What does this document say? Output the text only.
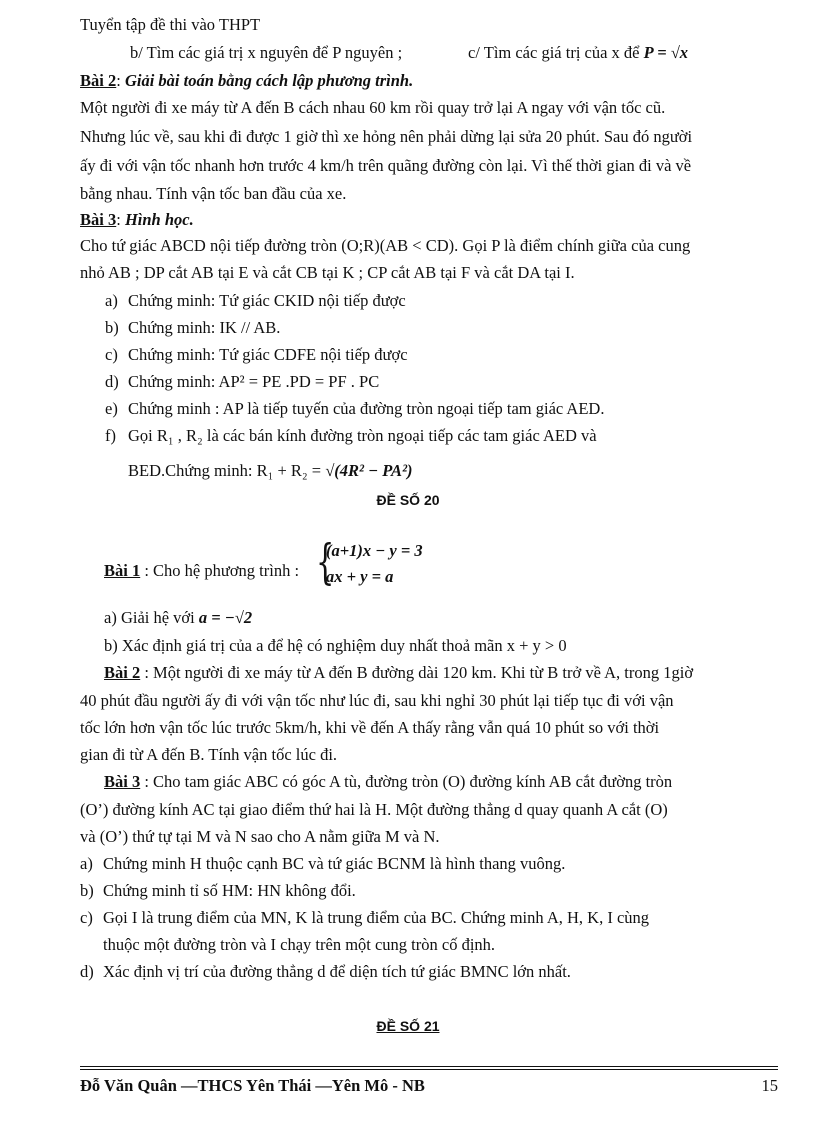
Tuyển tập đề thi vào THPT
b/ Tìm các giá trị x nguyên để P nguyên ;	c/ Tìm các giá trị của x để P = √x
Bài 2: Giải bài toán bằng cách lập phương trình.
Một người đi xe máy từ A đến B cách nhau 60 km rồi quay trở lại A ngay với vận tốc cũ.
Nhưng lúc về, sau khi đi được 1 giờ thì xe hỏng nên phải dừng lại sửa 20 phút. Sau đó người
ấy đi với vận tốc nhanh hơn trước 4 km/h trên quãng đường còn lại. Vì thế thời gian đi và về
bằng nhau. Tính vận tốc ban đầu của xe.
Bài 3: Hình học.
Cho tứ giác ABCD nội tiếp đường tròn (O;R)(AB < CD). Gọi P là điểm chính giữa của cung
nhỏ AB ; DP cắt AB tại E và cắt CB tại K ; CP cắt AB tại F và cắt DA tại I.
a) Chứng minh: Tứ giác CKID nội tiếp được
b) Chứng minh: IK // AB.
c) Chứng minh: Tứ giác CDFE nội tiếp được
d) Chứng minh: AP² = PE .PD = PF . PC
e) Chứng minh : AP là tiếp tuyến của đường tròn ngoại tiếp tam giác AED.
f) Gọi R₁ , R₂ là các bán kính đường tròn ngoại tiếp các tam giác AED và
BED.Chứng minh: R₁ + R₂ = √(4R² − PA²)
ĐỀ SỐ 20
Bài 1 : Cho hệ phương trình : {
(a+1)x − y = 3
ax + y = a
a) Giải hệ với a = −√2
b) Xác định giá trị của a để hệ có nghiệm duy nhất thoả mãn x + y > 0
Bài 2 : Một người đi xe máy từ A đến B đường dài 120 km. Khi từ B trở về A, trong 1giờ
40 phút đầu người ấy đi với vận tốc như lúc đi, sau khi nghỉ 30 phút lại tiếp tục đi với vận
tốc lớn hơn vận tốc lúc trước 5km/h, khi về đến A thấy rằng vẫn quá 10 phút so với thời
gian đi từ A đến B. Tính vận tốc lúc đi.
Bài 3 : Cho tam giác ABC có góc A tù, đường tròn (O) đường kính AB cắt đường tròn
(O’) đường kính AC tại giao điểm thứ hai là H. Một đường thẳng d quay quanh A cắt (O)
và (O’) thứ tự tại M và N sao cho A nằm giữa M và N.
a) Chứng minh H thuộc cạnh BC và tứ giác BCNM là hình thang vuông.
b) Chứng minh tỉ số HM: HN không đổi.
c) Gọi I là trung điểm của MN, K là trung điểm của BC. Chứng minh A, H, K, I cùng
thuộc một đường tròn và I chạy trên một cung tròn cố định.
d) Xác định vị trí của đường thẳng d để diện tích tứ giác BMNC lớn nhất.
ĐỀ SỐ 21
Đỗ Văn Quân —THCS Yên Thái —Yên Mô - NB	15
